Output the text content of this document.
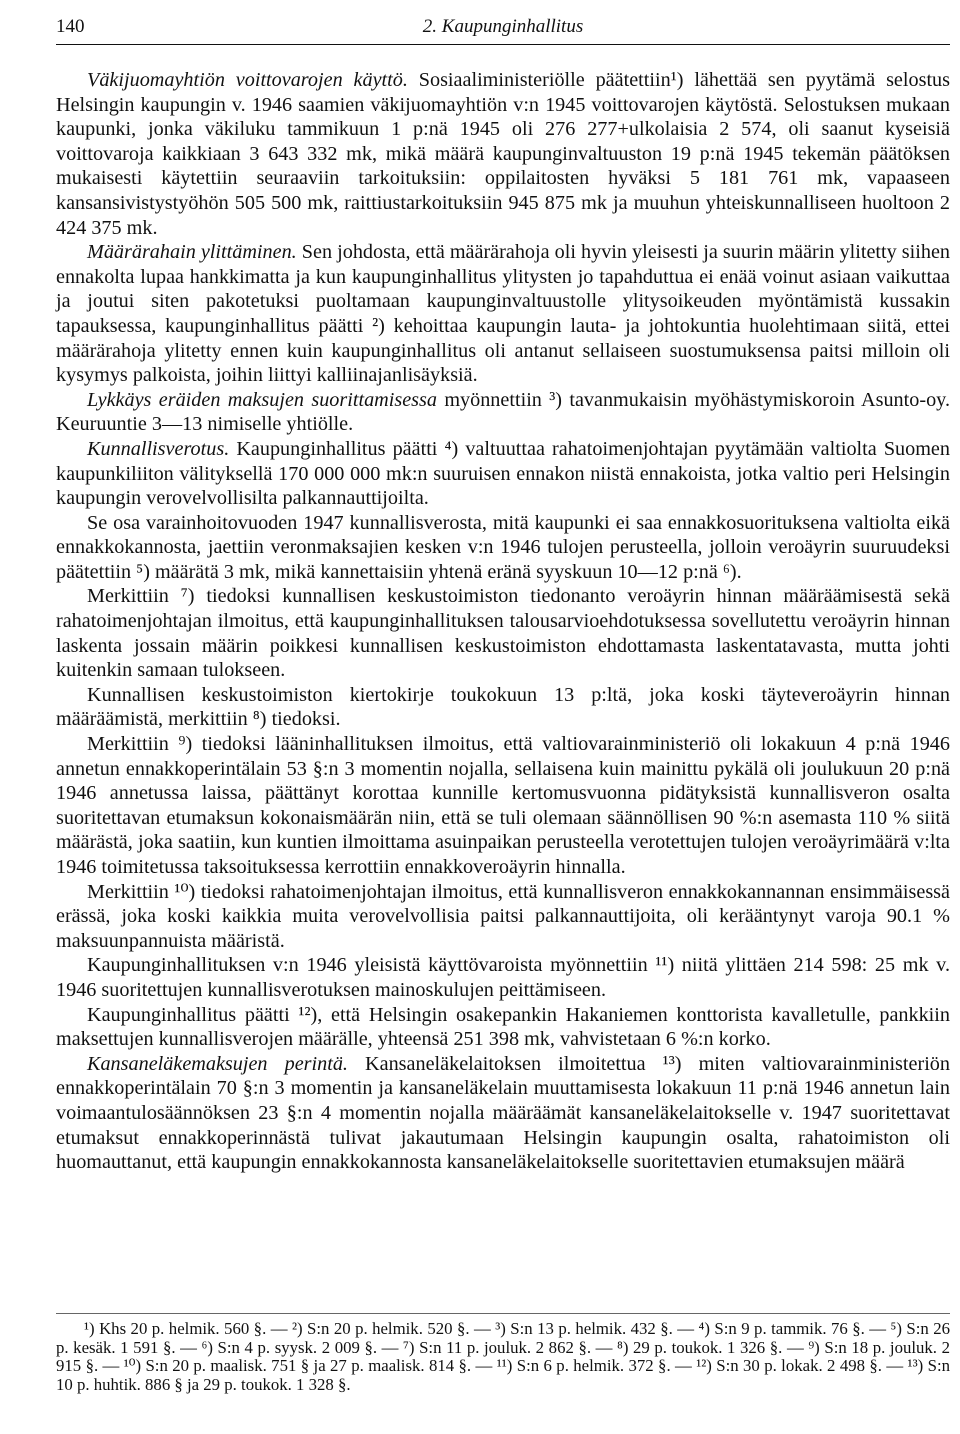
140	2. Kaupunginhallitus

Väkijuomayhtiön voittovarojen käyttö. Sosiaaliministeriölle päätettiin¹) lähettää sen pyytämä selostus Helsingin kaupungin v. 1946 saamien väkijuomayhtiön v:n 1945 voittovarojen käytöstä. Selostuksen mukaan kaupunki, jonka väkiluku tammikuun 1 p:nä 1945 oli 276 277+ulkolaisia 2 574, oli saanut kyseisiä voittovaroja kaikkiaan 3 643 332 mk, mikä määrä kaupunginvaltuuston 19 p:nä 1945 tekemän päätöksen mukaisesti käytettiin seuraaviin tarkoituksiin: oppilaitosten hyväksi 5 181 761 mk, vapaaseen kansansivistystyöhön 505 500 mk, raittiustarkoituksiin 945 875 mk ja muuhun yhteiskunnalliseen huoltoon 2 424 375 mk.

Määrärahain ylittäminen. Sen johdosta, että määrärahoja oli hyvin yleisesti ja suurin määrin ylitetty siihen ennakolta lupaa hankkimatta ja kun kaupunginhallitus ylitysten jo tapahduttua ei enää voinut asiaan vaikuttaa ja joutui siten pakotetuksi puoltamaan kaupunginvaltuustolle ylitysoikeuden myöntämistä kussakin tapauksessa, kaupunginhallitus päätti ²) kehoittaa kaupungin lauta- ja johtokuntia huolehtimaan siitä, ettei määrärahoja ylitetty ennen kuin kaupunginhallitus oli antanut sellaiseen suostumuksensa paitsi milloin oli kysymys palkoista, joihin liittyi kalliinajanlisäyksiä.

Lykkäys eräiden maksujen suorittamisessa myönnettiin ³) tavanmukaisin myöhästymiskoroin Asunto-oy. Keuruuntie 3—13 nimiselle yhtiölle.

Kunnallisverotus. Kaupunginhallitus päätti ⁴) valtuuttaa rahatoimenjohtajan pyytämään valtiolta Suomen kaupunkiliiton välityksellä 170 000 000 mk:n suuruisen ennakon niistä ennakoista, jotka valtio peri Helsingin kaupungin verovelvollisilta palkannauttijoilta.

Se osa varainhoitovuoden 1947 kunnallisverosta, mitä kaupunki ei saa ennakkosuorituksena valtiolta eikä ennakkokannosta, jaettiin veronmaksajien kesken v:n 1946 tulojen perusteella, jolloin veroäyrin suuruudeksi päätettiin ⁵) määrätä 3 mk, mikä kannettaisiin yhtenä eränä syyskuun 10—12 p:nä ⁶).

Merkittiin ⁷) tiedoksi kunnallisen keskustoimiston tiedonanto veroäyrin hinnan määräämisestä sekä rahatoimenjohtajan ilmoitus, että kaupunginhallituksen talousarvioehdotuksessa sovellutettu veroäyrin hinnan laskenta jossain määrin poikkesi kunnallisen keskustoimiston ehdottamasta laskentatavasta, mutta johti kuitenkin samaan tulokseen.

Kunnallisen keskustoimiston kiertokirje toukokuun 13 p:ltä, joka koski täyteveroäyrin hinnan määräämistä, merkittiin ⁸) tiedoksi.

Merkittiin ⁹) tiedoksi lääninhallituksen ilmoitus, että valtiovarainministeriö oli lokakuun 4 p:nä 1946 annetun ennakkoperintälain 53 §:n 3 momentin nojalla, sellaisena kuin mainittu pykälä oli joulukuun 20 p:nä 1946 annetussa laissa, päättänyt korottaa kunnille kertomusvuonna pidätyksistä kunnallisveron osalta suoritettavan etumaksun kokonaismäärän niin, että se tuli olemaan säännöllisen 90 %:n asemasta 110 % siitä määrästä, joka saatiin, kun kuntien ilmoittama asuinpaikan perusteella verotettujen tulojen veroäyrimäärä v:lta 1946 toimitetussa taksoituksessa kerrottiin ennakkoveroäyrin hinnalla.

Merkittiin ¹⁰) tiedoksi rahatoimenjohtajan ilmoitus, että kunnallisveron ennakkokannannan ensimmäisessä erässä, joka koski kaikkia muita verovelvollisia paitsi palkannauttijoita, oli kerääntynyt varoja 90.1 % maksuunpannuista määristä.

Kaupunginhallituksen v:n 1946 yleisistä käyttövaroista myönnettiin ¹¹) niitä ylittäen 214 598: 25 mk v. 1946 suoritettujen kunnallisverotuksen mainoskulujen peittämiseen.

Kaupunginhallitus päätti ¹²), että Helsingin osakepankin Hakaniemen konttorista kavalletulle, pankkiin maksettujen kunnallisverojen määrälle, yhteensä 251 398 mk, vahvistetaan 6 %:n korko.

Kansaneläkemaksujen perintä. Kansaneläkelaitoksen ilmoitettua ¹³) miten valtiovarainministeriön ennakkoperintälain 70 §:n 3 momentin ja kansaneläkelain muuttamisesta lokakuun 11 p:nä 1946 annetun lain voimaantulosäännöksen 23 §:n 4 momentin nojalla määräämät kansaneläkelaitokselle v. 1947 suoritettavat etumaksut ennakkoperinnästä tulivat jakautumaan Helsingin kaupungin osalta, rahatoimiston oli huomauttanut, että kaupungin ennakkokannosta kansaneläkelaitokselle suoritettavien etumaksujen määrä

¹) Khs 20 p. helmik. 560 §. — ²) S:n 20 p. helmik. 520 §. — ³) S:n 13 p. helmik. 432 §. — ⁴) S:n 9 p. tammik. 76 §. — ⁵) S:n 26 p. kesäk. 1 591 §. — ⁶) S:n 4 p. syysk. 2 009 §. — ⁷) S:n 11 p. jouluk. 2 862 §. — ⁸) 29 p. toukok. 1 326 §. — ⁹) S:n 18 p. jouluk. 2 915 §. — ¹⁰) S:n 20 p. maalisk. 751 § ja 27 p. maalisk. 814 §. — ¹¹) S:n 6 p. helmik. 372 §. — ¹²) S:n 30 p. lokak. 2 498 §. — ¹³) S:n 10 p. huhtik. 886 § ja 29 p. toukok. 1 328 §.
